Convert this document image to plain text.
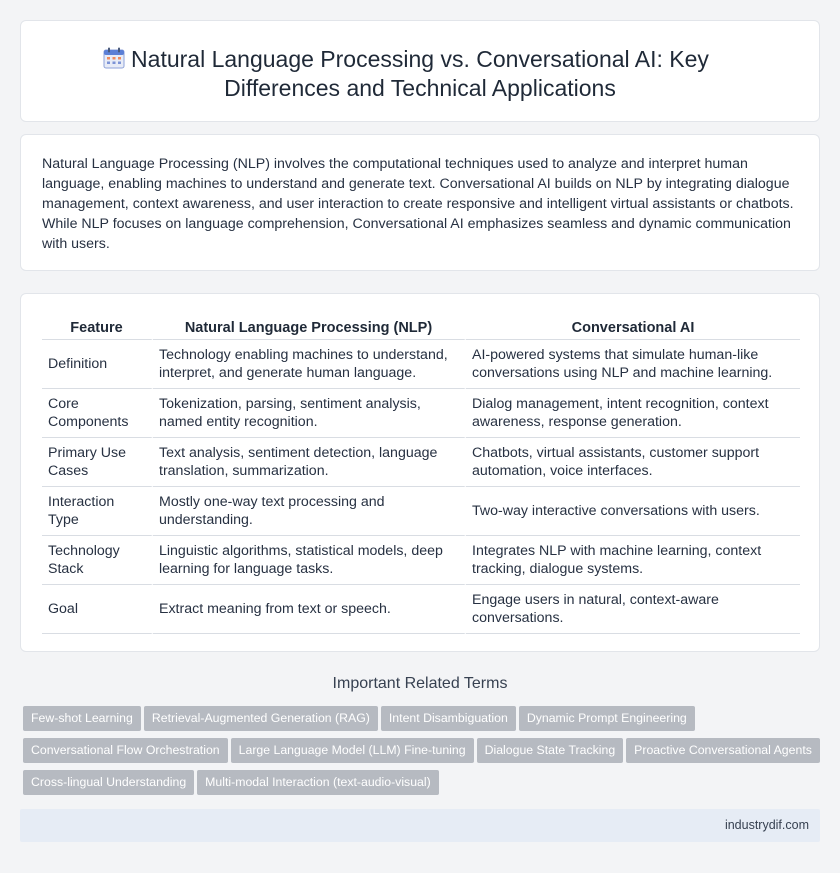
Natural Language Processing vs. Conversational AI: Key
Differences and Technical Applications

Natural Language Processing (NLP) involves the computational techniques used to analyze and interpret human language, enabling machines to understand and generate text. Conversational AI builds on NLP by integrating dialogue management, context awareness, and user interaction to create responsive and intelligent virtual assistants or chatbots. While NLP focuses on language comprehension, Conversational AI emphasizes seamless and dynamic communication with users.

Feature	Natural Language Processing (NLP)	Conversational AI
Definition	Technology enabling machines to understand, interpret, and generate human language.	AI-powered systems that simulate human-like conversations using NLP and machine learning.
Core Components	Tokenization, parsing, sentiment analysis, named entity recognition.	Dialog management, intent recognition, context awareness, response generation.
Primary Use Cases	Text analysis, sentiment detection, language translation, summarization.	Chatbots, virtual assistants, customer support automation, voice interfaces.
Interaction Type	Mostly one-way text processing and understanding.	Two-way interactive conversations with users.
Technology Stack	Linguistic algorithms, statistical models, deep learning for language tasks.	Integrates NLP with machine learning, context tracking, dialogue systems.
Goal	Extract meaning from text or speech.	Engage users in natural, context-aware conversations.
Important Related Terms
Few-shot Learning Retrieval-Augmented Generation (RAG) Intent Disambiguation Dynamic Prompt Engineering
Conversational Flow Orchestration Large Language Model (LLM) Fine-tuning Dialogue State Tracking Proactive Conversational Agents
Cross-lingual Understanding Multi-modal Interaction (text-audio-visual)
industrydif.com
